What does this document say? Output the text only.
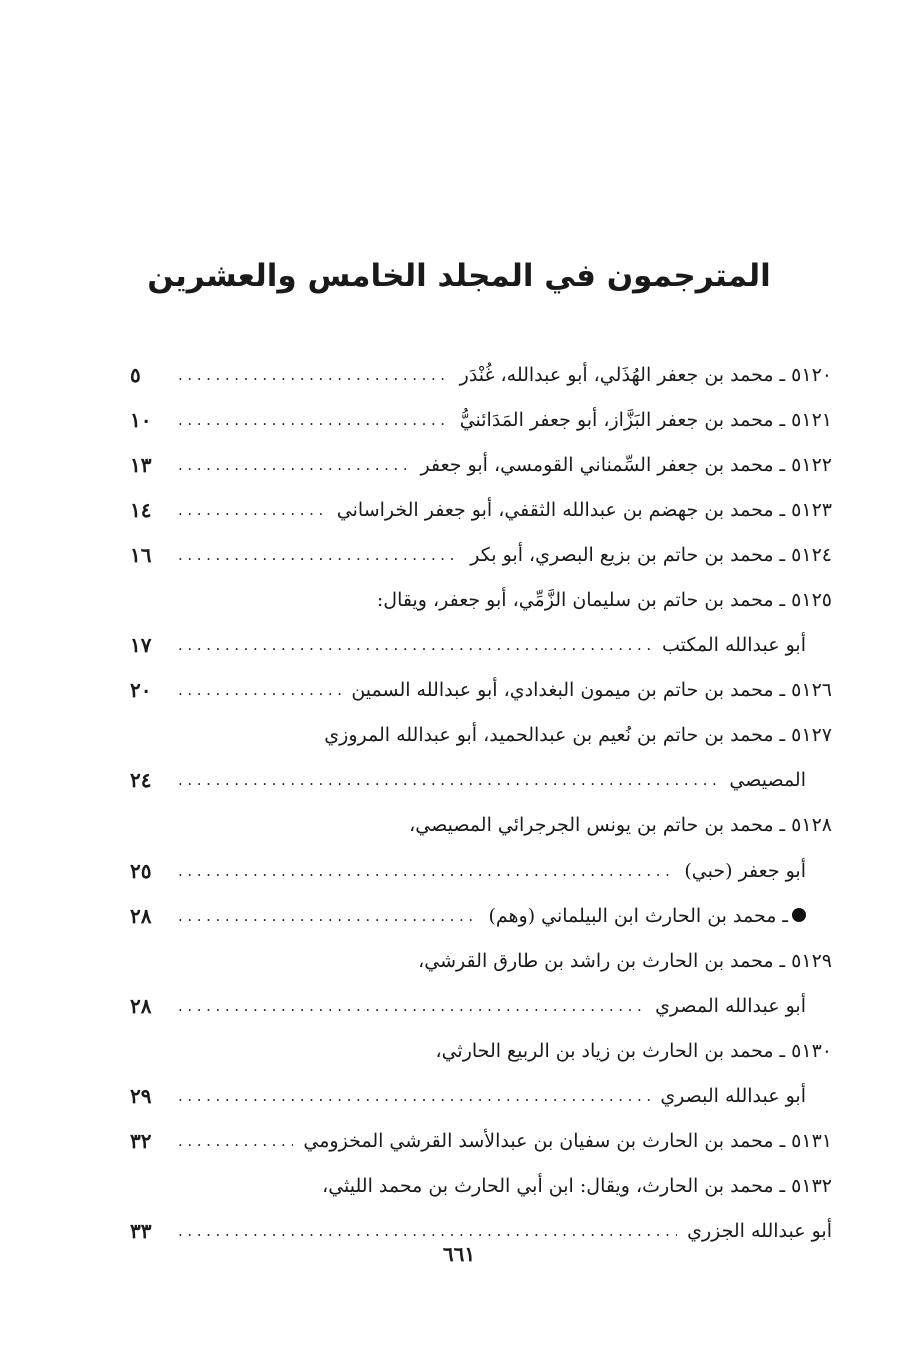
المترجمون في المجلد الخامس والعشرين
٥١٢٠ ـ محمد بن جعفر الهُذَلي، أبو عبدالله، غُنْدَر
.....
٥
٥١٢١ ـ محمد بن جعفر البَزَّاز، أبو جعفر المَدَائنيُّ
.....
١٠
٥١٢٢ ـ محمد بن جعفر السِّمناني القومسي، أبو جعفر
.....
١٣
٥١٢٣ ـ محمد بن جهضم بن عبدالله الثقفي، أبو جعفر الخراساني
.....
١٤
٥١٢٤ ـ محمد بن حاتم بن بزيع البصري، أبو بكر
.....
١٦
٥١٢٥ ـ محمد بن حاتم بن سليمان الزَّمِّي، أبو جعفر، ويقال:
أبو عبدالله المكتب
.....
١٧
٥١٢٦ ـ محمد بن حاتم بن ميمون البغدادي، أبو عبدالله السمين
.....
٢٠
٥١٢٧ ـ محمد بن حاتم بن نُعيم بن عبدالحميد، أبو عبدالله المروزي
المصيصي
.....
٢٤
٥١٢٨ ـ محمد بن حاتم بن يونس الجرجرائي المصيصي،
أبو جعفر (حبي)
.....
٢٥
ـ محمد بن الحارث ابن البيلماني (وهم)
.....
٢٨
٥١٢٩ ـ محمد بن الحارث بن راشد بن طارق القرشي،
أبو عبدالله المصري
.....
٢٨
٥١٣٠ ـ محمد بن الحارث بن زياد بن الربيع الحارثي،
أبو عبدالله البصري
.....
٢٩
٥١٣١ ـ محمد بن الحارث بن سفيان بن عبدالأسد القرشي المخزومي
.....
٣٢
٥١٣٢ ـ محمد بن الحارث، ويقال: ابن أبي الحارث بن محمد الليثي،
أبو عبدالله الجزري
.....
٣٣
٦٦١
